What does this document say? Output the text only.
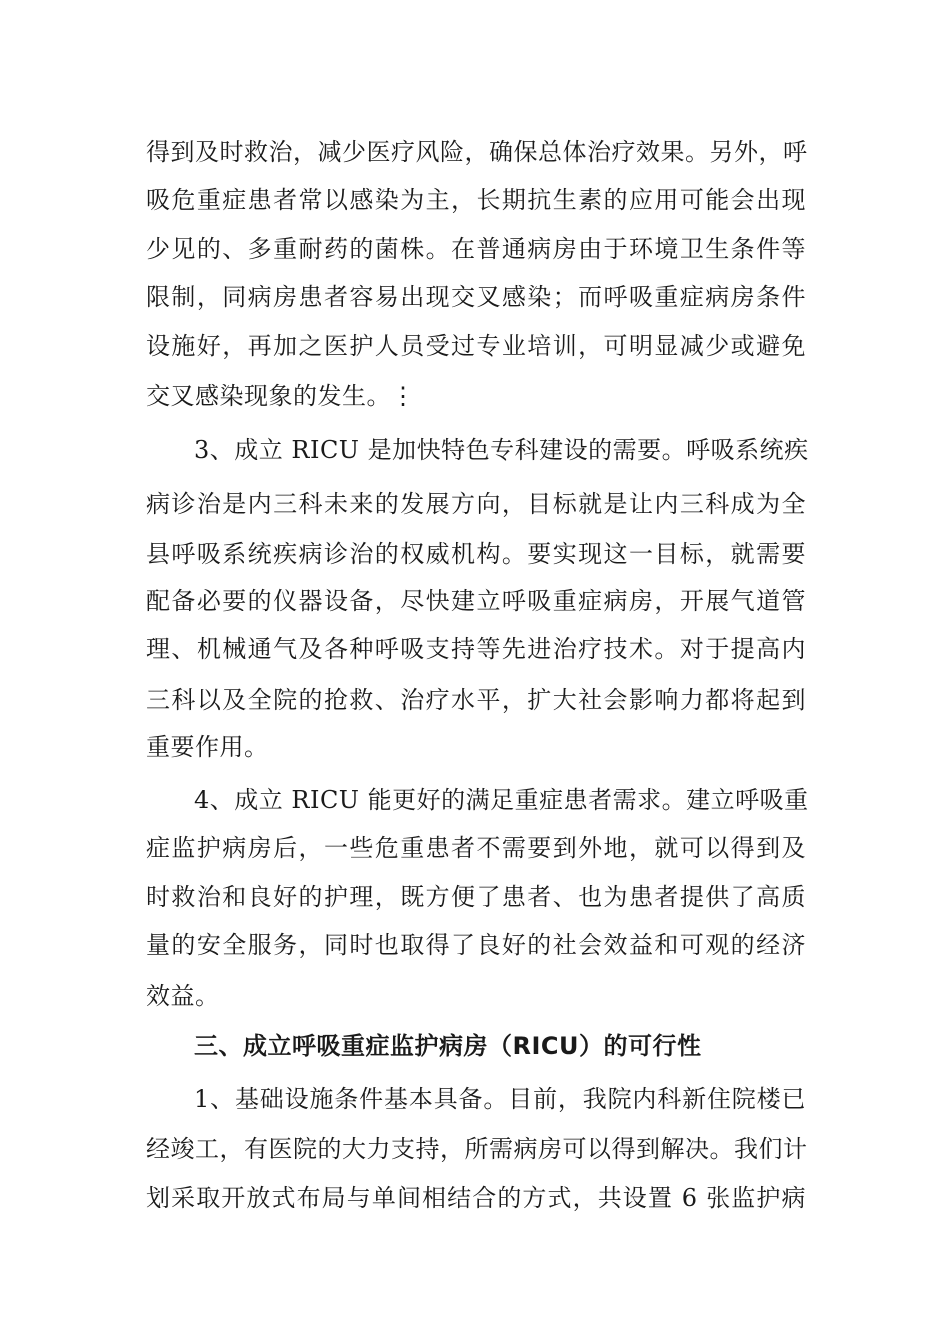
得到及时救治，减少医疗风险，确保总体治疗效果。另外，呼
吸危重症患者常以感染为主，长期抗生素的应用可能会出现
少见的、多重耐药的菌株。在普通病房由于环境卫生条件等
限制，同病房患者容易出现交叉感染；而呼吸重症病房条件
设施好，再加之医护人员受过专业培训，可明显减少或避免
交叉感染现象的发生。⋮
3、成立 RICU 是加快特色专科建设的需要。呼吸系统疾
病诊治是内三科未来的发展方向，目标就是让内三科成为全
县呼吸系统疾病诊治的权威机构。要实现这一目标，就需要
配备必要的仪器设备，尽快建立呼吸重症病房，开展气道管
理、机械通气及各种呼吸支持等先进治疗技术。对于提高内
三科以及全院的抢救、治疗水平，扩大社会影响力都将起到
重要作用。
4、成立 RICU 能更好的满足重症患者需求。建立呼吸重
症监护病房后，一些危重患者不需要到外地，就可以得到及
时救治和良好的护理，既方便了患者、也为患者提供了高质
量的安全服务，同时也取得了良好的社会效益和可观的经济
效益。
三、成立呼吸重症监护病房（RICU）的可行性
1、基础设施条件基本具备。目前，我院内科新住院楼已
经竣工，有医院的大力支持，所需病房可以得到解决。我们计
划采取开放式布局与单间相结合的方式，共设置 6 张监护病
